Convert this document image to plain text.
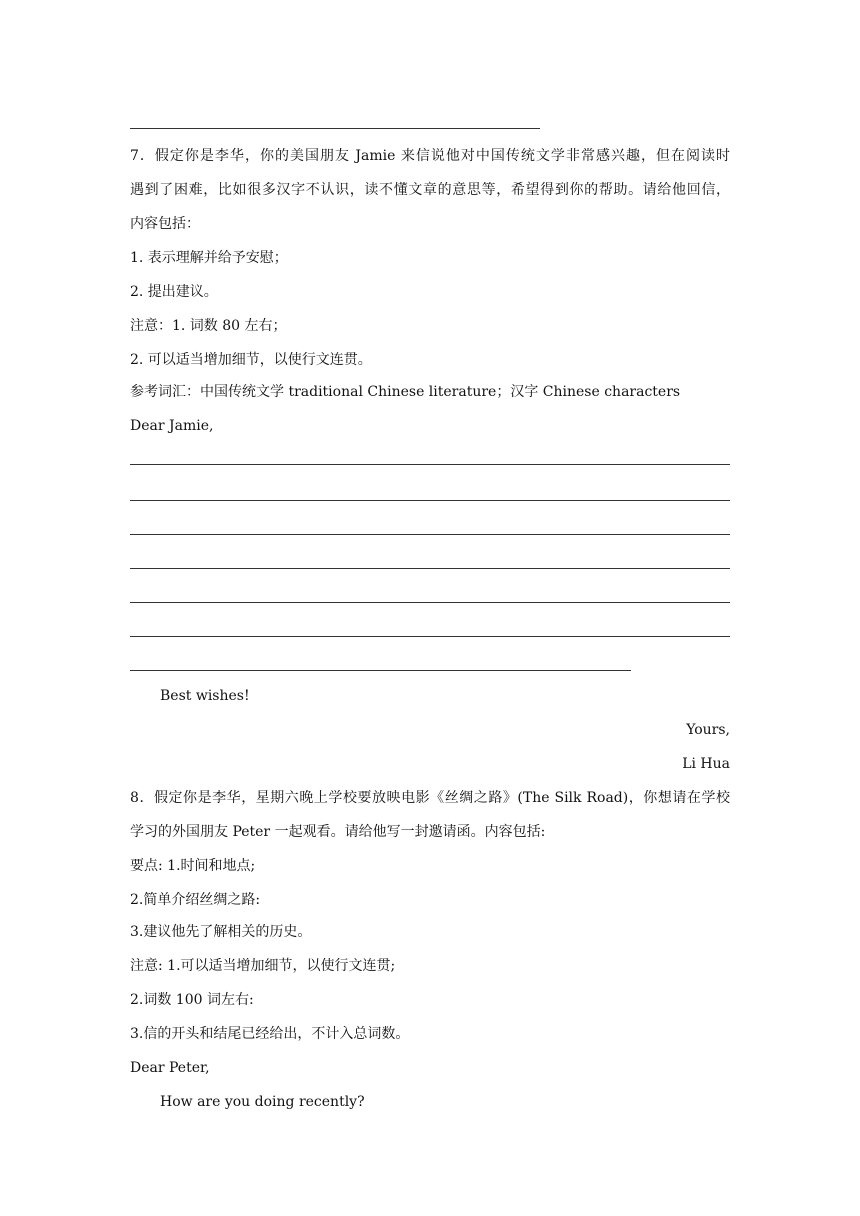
7．假定你是李华，你的美国朋友 Jamie 来信说他对中国传统文学非常感兴趣，但在阅读时
遇到了困难，比如很多汉字不认识，读不懂文章的意思等，希望得到你的帮助。请给他回信，
内容包括：
1. 表示理解并给予安慰；
2. 提出建议。
注意：1. 词数 80 左右；
2. 可以适当增加细节，以使行文连贯。
参考词汇：中国传统文学 traditional Chinese literature；汉字 Chinese characters
Dear Jamie,
Best wishes!
Yours,
Li Hua
8．假定你是李华，星期六晚上学校要放映电影《丝绸之路》(The Silk Road)，你想请在学校
学习的外国朋友 Peter 一起观看。请给他写一封邀请函。内容包括:
要点: 1.时间和地点;
2.简单介绍丝绸之路:
3.建议他先了解相关的历史。
注意: 1.可以适当增加细节，以使行文连贯;
2.词数 100 词左右:
3.信的开头和结尾已经给出，不计入总词数。
Dear Peter,
How are you doing recently?
